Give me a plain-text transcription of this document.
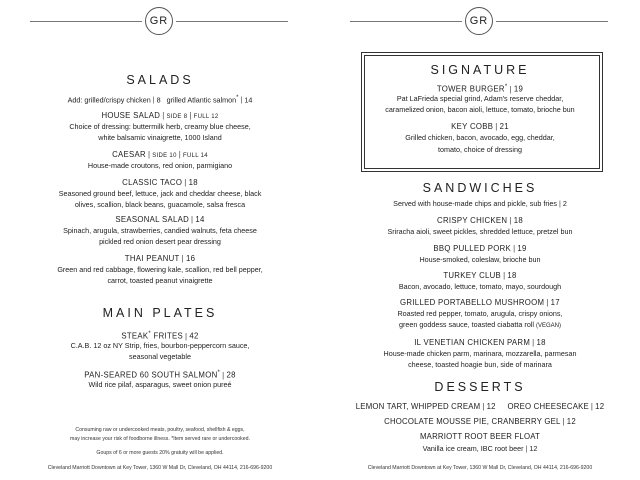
GR
SALADS
Add: grilled/crispy chicken | 8 grilled Atlantic salmon* | 14
HOUSE SALAD | SIDE 8 | FULL 12
Choice of dressing: buttermilk herb, creamy blue cheese,
white balsamic vinaigrette, 1000 Island
CAESAR | SIDE 10 | FULL 14
House-made croutons, red onion, parmigiano
CLASSIC TACO | 18
Seasoned ground beef, lettuce, jack and cheddar cheese, black
olives, scallion, black beans, guacamole, salsa fresca
SEASONAL SALAD | 14
Spinach, arugula, strawberries, candied walnuts, feta cheese
pickled red onion desert pear dressing
THAI PEANUT | 16
Green and red cabbage, flowering kale, scallion, red bell pepper,
carrot, toasted peanut vinaigrette
MAIN PLATES
STEAK* FRITES | 42
C.A.B. 12 oz NY Strip, fries, bourbon-peppercorn sauce,
seasonal vegetable
PAN-SEARED 60 SOUTH SALMON* | 28
Wild rice pilaf, asparagus, sweet onion pureé
Consuming raw or undercooked meats, poultry, seafood, shellfish & eggs,
may increase your risk of foodborne illness. *Item served rare or undercooked.
Goups of 6 or more guests 20% gratuity will be applied.
Cleveland Marriott Downtown at Key Tower, 1360 W Mall Dr, Cleveland, OH 44114, 216-696-9200
GR
SIGNATURE
TOWER BURGER* | 19
Pat LaFrieda special grind, Adam's reserve cheddar,
caramelized onion, bacon aioli, lettuce, tomato, brioche bun
KEY COBB | 21
Grilled chicken, bacon, avocado, egg, cheddar,
tomato, choice of dressing
SANDWICHES
Served with house-made chips and pickle, sub fries | 2
CRISPY CHICKEN | 18
Sriracha aioli, sweet pickles, shredded lettuce, pretzel bun
BBQ PULLED PORK | 19
House-smoked, coleslaw, brioche bun
TURKEY CLUB | 18
Bacon, avocado, lettuce, tomato, mayo, sourdough
GRILLED PORTABELLO MUSHROOM | 17
Roasted red pepper, tomato, arugula, crispy onions,
green goddess sauce, toasted ciabatta roll (VEGAN)
IL VENETIAN CHICKEN PARM | 18
House-made chicken parm, marinara, mozzarella, parmesan
cheese, toasted hoagie bun, side of marinara
DESSERTS
LEMON TART, WHIPPED CREAM | 12 OREO CHEESECAKE | 12
CHOCOLATE MOUSSE PIE, CRANBERRY GEL | 12
MARRIOTT ROOT BEER FLOAT
Vanilla ice cream, IBC root beer | 12
Cleveland Marriott Downtown at Key Tower, 1360 W Mall Dr, Cleveland, OH 44114, 216-696-9200
